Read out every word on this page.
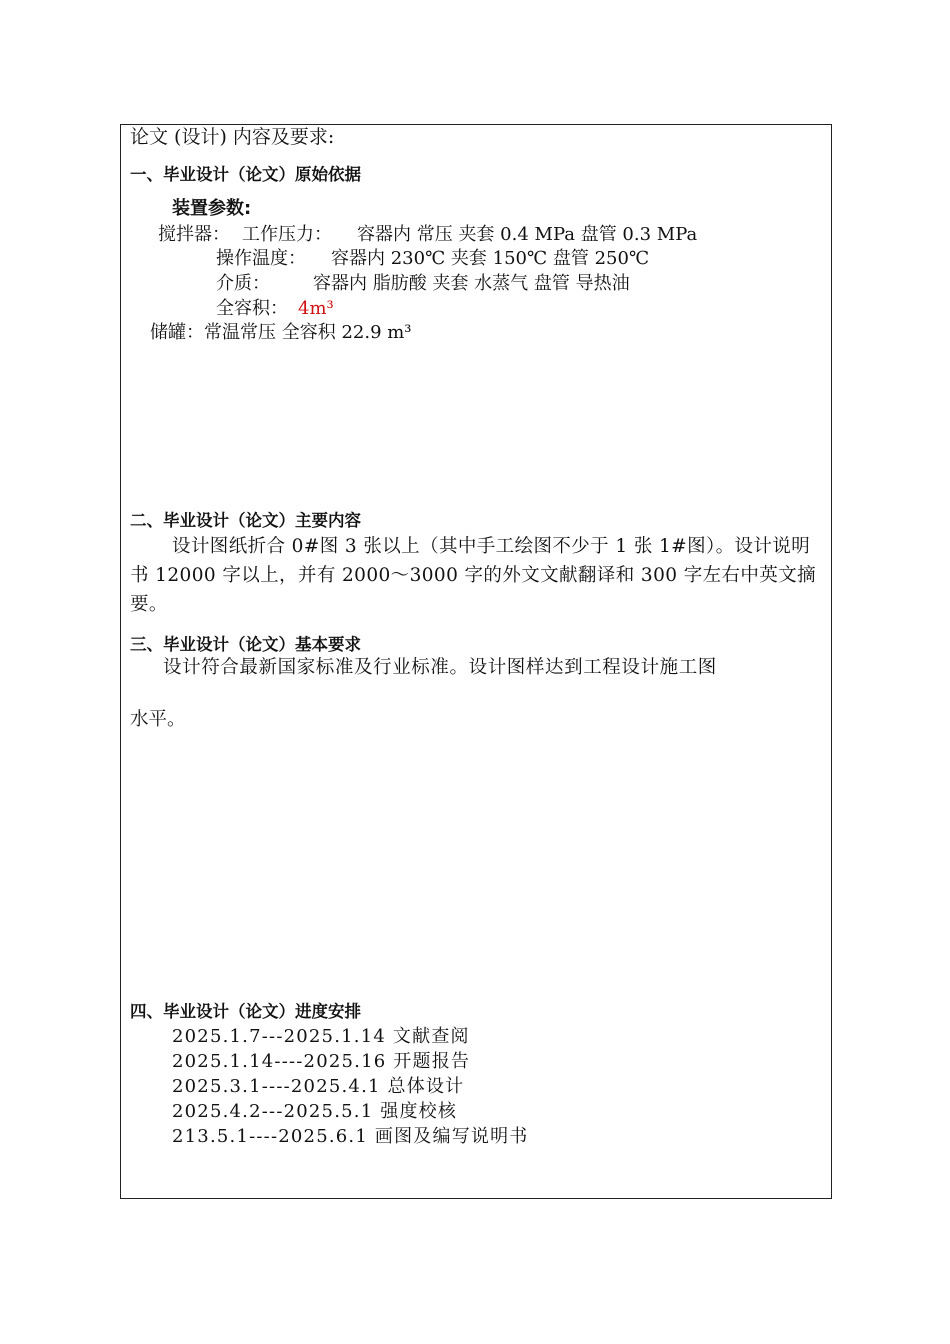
论文 (设计) 内容及要求:
一、毕业设计（论文）原始依据
装置参数:
搅拌器： 工作压力： 容器内 常压 夹套 0.4 MPa 盘管 0.3 MPa
操作温度： 容器内 230℃ 夹套 150℃ 盘管 250℃
介质： 容器内 脂肪酸 夹套 水蒸气 盘管 导热油
全容积： 4m³
储罐：常温常压 全容积 22.9 m³
二、毕业设计（论文）主要内容
设计图纸折合 0#图 3 张以上（其中手工绘图不少于 1 张 1#图）。设计说明书 12000 字以上，并有 2000～3000 字的外文文献翻译和 300 字左右中英文摘要。
三、毕业设计（论文）基本要求
设计符合最新国家标准及行业标准。设计图样达到工程设计施工图
水平。
四、毕业设计（论文）进度安排
2025.1.7---2025.1.14 文献查阅
2025.1.14----2025.16 开题报告
2025.3.1----2025.4.1 总体设计
2025.4.2---2025.5.1 强度校核
213.5.1----2025.6.1 画图及编写说明书
